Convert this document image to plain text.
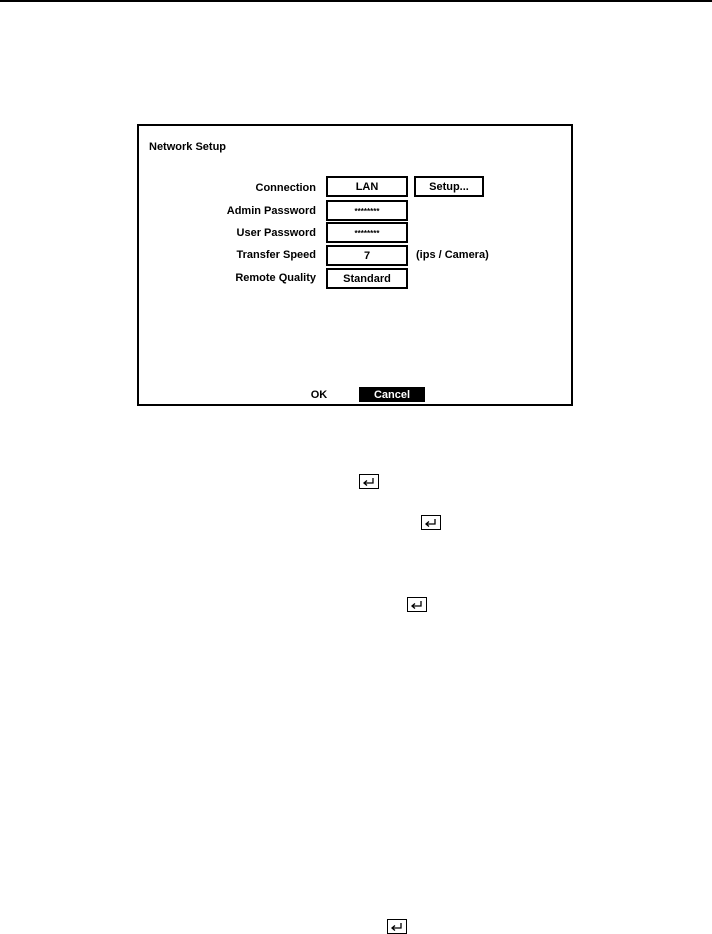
Network Setup
Connection	LAN	Setup...
Admin Password	********
User Password	********
Transfer Speed	7	(ips / Camera)
Remote Quality	Standard
OK	Cancel
